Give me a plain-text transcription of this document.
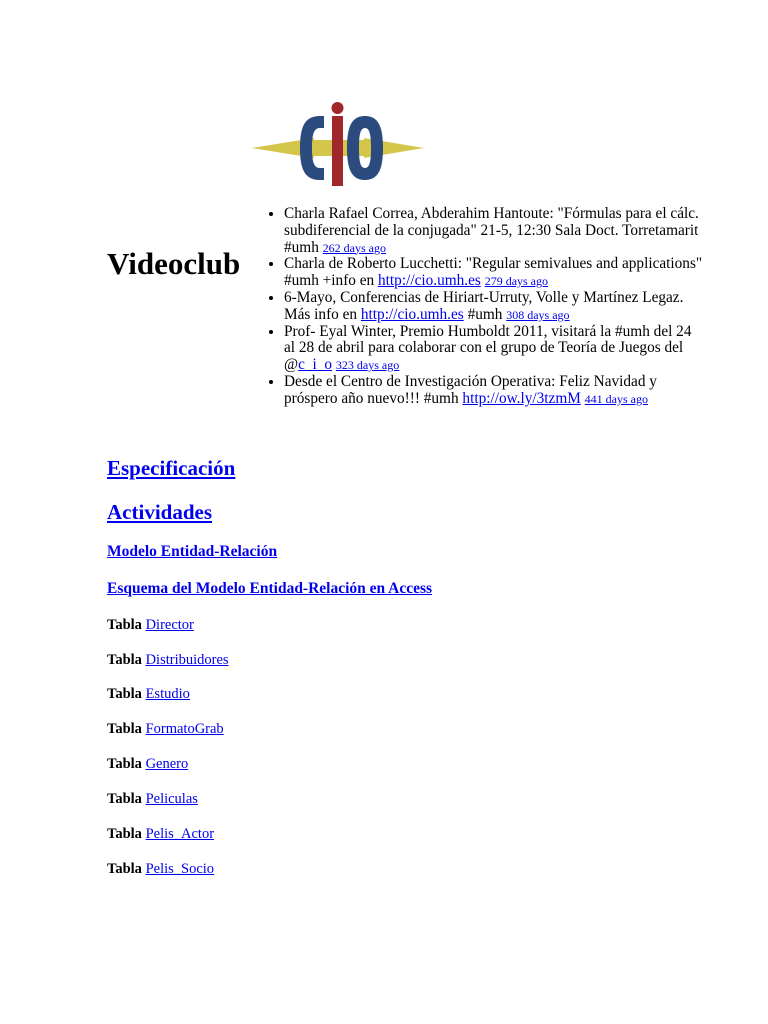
Videoclub
• Charla Rafael Correa, Abderahim Hantoute: "Fórmulas para el cálc. subdiferencial de la conjugada" 21-5, 12:30 Sala Doct. Torretamarit #umh 262 days ago
• Charla de Roberto Lucchetti: "Regular semivalues and applications" #umh +info en http://cio.umh.es 279 days ago
• 6-Mayo, Conferencias de Hiriart-Urruty, Volle y Martínez Legaz. Más info en http://cio.umh.es #umh 308 days ago
• Prof- Eyal Winter, Premio Humboldt 2011, visitará la #umh del 24 al 28 de abril para colaborar con el grupo de Teoría de Juegos del @c_i_o 323 days ago
• Desde el Centro de Investigación Operativa: Feliz Navidad y próspero año nuevo!!! #umh http://ow.ly/3tzmM 441 days ago
Especificación
Actividades
Modelo Entidad-Relación
Esquema del Modelo Entidad-Relación en Access

Tabla Director

Tabla Distribuidores

Tabla Estudio

Tabla FormatoGrab

Tabla Genero

Tabla Peliculas

Tabla Pelis_Actor

Tabla Pelis_Socio
